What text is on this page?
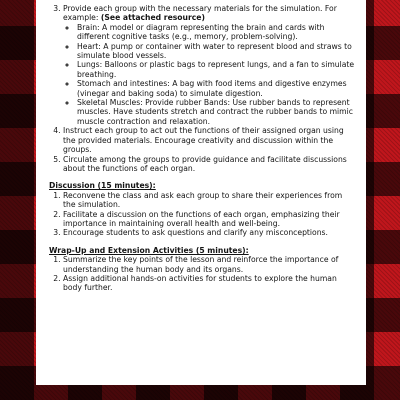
3. Provide each group with the necessary materials for the simulation. For example: (See attached resource)
◦ Brain: A model or diagram representing the brain and cards with different cognitive tasks (e.g., memory, problem-solving).
◦ Heart: A pump or container with water to represent blood and straws to simulate blood vessels.
◦ Lungs: Balloons or plastic bags to represent lungs, and a fan to simulate breathing.
◦ Stomach and intestines: A bag with food items and digestive enzymes (vinegar and baking soda) to simulate digestion.
◦ Skeletal Muscles: Provide rubber Bands: Use rubber bands to represent muscles. Have students stretch and contract the rubber bands to mimic muscle contraction and relaxation.
4. Instruct each group to act out the functions of their assigned organ using the provided materials. Encourage creativity and discussion within the groups.
5. Circulate among the groups to provide guidance and facilitate discussions about the functions of each organ.

Discussion (15 minutes):

1. Reconvene the class and ask each group to share their experiences from the simulation.
2. Facilitate a discussion on the functions of each organ, emphasizing their importance in maintaining overall health and well-being.
3. Encourage students to ask questions and clarify any misconceptions.

Wrap-Up and Extension Activities (5 minutes):

1. Summarize the key points of the lesson and reinforce the importance of understanding the human body and its organs.
2. Assign additional hands-on activities for students to explore the human body further.
